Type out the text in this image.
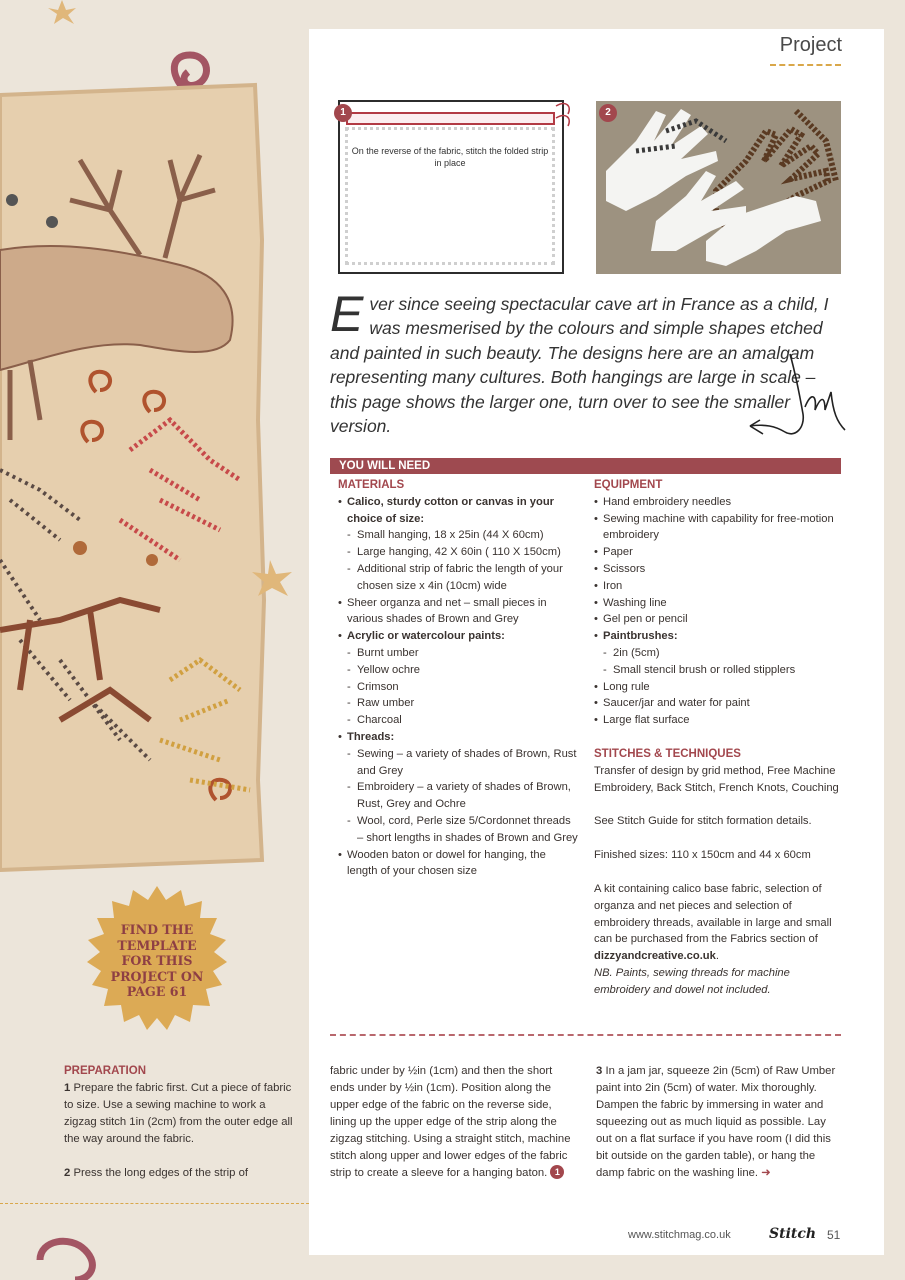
FIND THE TEMPLATE FOR THIS PROJECT ON PAGE 61
Project
On the reverse of the fabric, stitch the folded strip in place
1	2
Ever since seeing spectacular cave art in France as a child, I was mesmerised by the colours and simple shapes etched and painted in such beauty. The designs here are an amalgam representing many cultures. Both hangings are large in scale – this page shows the larger one, turn over to see the smaller version.
YOU WILL NEED
MATERIALS
• Calico, sturdy cotton or canvas in your choice of size:
- Small hanging, 18 x 25in (44 X 60cm)
- Large hanging, 42 X 60in ( 110 X 150cm)
- Additional strip of fabric the length of your chosen size x 4in (10cm) wide
• Sheer organza and net – small pieces in various shades of Brown and Grey
• Acrylic or watercolour paints:
- Burnt umber
- Yellow ochre
- Crimson
- Raw umber
- Charcoal
• Threads:
- Sewing – a variety of shades of Brown, Rust and Grey
- Embroidery – a variety of shades of Brown, Rust, Grey and Ochre
- Wool, cord, Perle size 5/Cordonnet threads – short lengths in shades of Brown and Grey
• Wooden baton or dowel for hanging, the length of your chosen size
EQUIPMENT
• Hand embroidery needles
• Sewing machine with capability for free-motion embroidery
• Paper
• Scissors
• Iron
• Washing line
• Gel pen or pencil
• Paintbrushes:
- 2in (5cm)
- Small stencil brush or rolled stipplers
• Long rule
• Saucer/jar and water for paint
• Large flat surface
STITCHES & TECHNIQUES
Transfer of design by grid method, Free Machine Embroidery, Back Stitch, French Knots, Couching
See Stitch Guide for stitch formation details.
Finished sizes: 110 x 150cm and 44 x 60cm
A kit containing calico base fabric, selection of organza and net pieces and selection of embroidery threads, available in large and small can be purchased from the Fabrics section of dizzyandcreative.co.uk.
NB. Paints, sewing threads for machine embroidery and dowel not included.
PREPARATION
1 Prepare the fabric first. Cut a piece of fabric to size. Use a sewing machine to work a zigzag stitch 1in (2cm) from the outer edge all the way around the fabric.
2 Press the long edges of the strip of
fabric under by ½in (1cm) and then the short ends under by ½in (1cm). Position along the upper edge of the fabric on the reverse side, lining up the upper edge of the strip along the zigzag stitching. Using a straight stitch, machine stitch along upper and lower edges of the fabric strip to create a sleeve for a hanging baton. 1
3 In a jam jar, squeeze 2in (5cm) of Raw Umber paint into 2in (5cm) of water. Mix thoroughly. Dampen the fabric by immersing in water and squeezing out as much liquid as possible. Lay out on a flat surface if you have room (I did this bit outside on the garden table), or hang the damp fabric on the washing line. ➜
www.stitchmag.co.uk	Stitch 51
